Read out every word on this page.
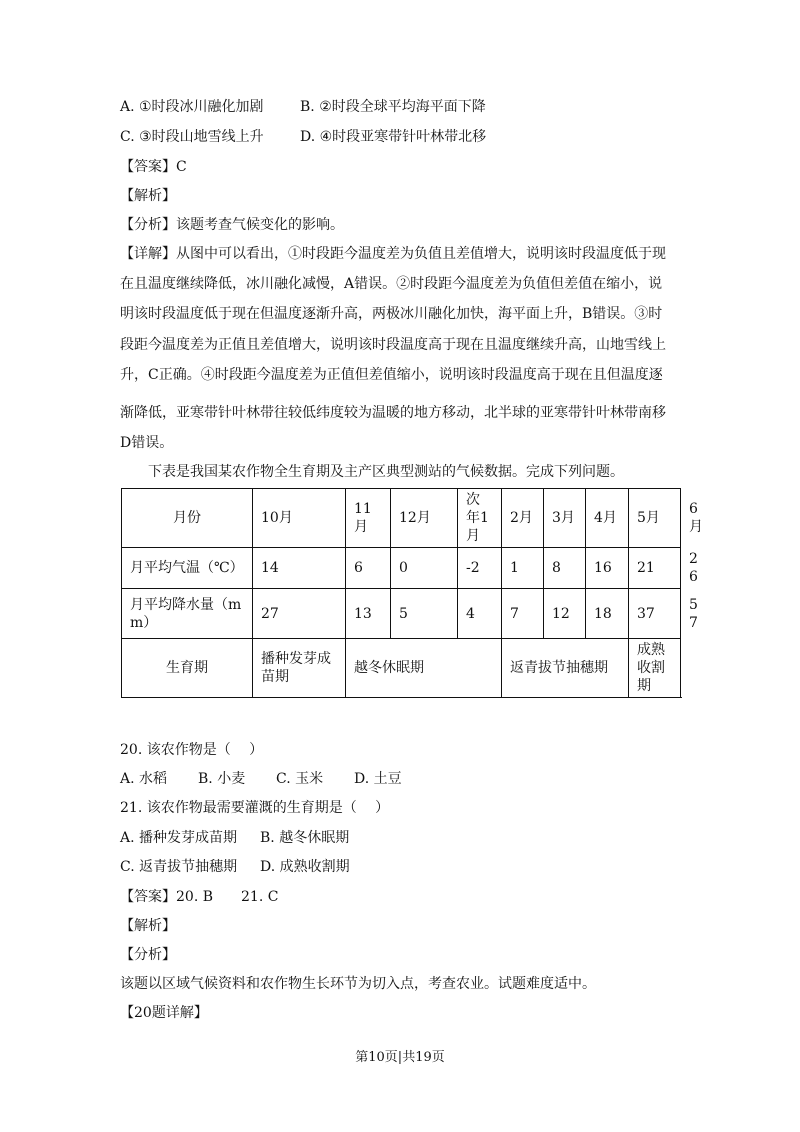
A. ①时段冰川融化加剧	B. ②时段全球平均海平面下降
C. ③时段山地雪线上升	D. ④时段亚寒带针叶林带北移
【答案】C
【解析】
【分析】该题考查气候变化的影响。
【详解】从图中可以看出，①时段距今温度差为负值且差值增大，说明该时段温度低于现
在且温度继续降低，冰川融化减慢，A错误。②时段距今温度差为负值但差值在缩小，说
明该时段温度低于现在但温度逐渐升高，两极冰川融化加快，海平面上升，B错误。③时
段距今温度差为正值且差值增大，说明该时段温度高于现在且温度继续升高，山地雪线上
升，C正确。④时段距今温度差为正值但差值缩小，说明该时段温度高于现在且但温度逐
渐降低，亚寒带针叶林带往较低纬度较为温暖的地方移动，北半球的亚寒带针叶林带南移
D错误。
下表是我国某农作物全生育期及主产区典型测站的气候数据。完成下列问题。
月份	10月	11月	12月	次年1月	2月	3月	4月	5月	6月
月平均气温（℃）	14	6	0	-2	1	8	16	21	26
月平均降水量（mm）	27	13	5	4	7	12	18	37	57
生育期	播种发芽成苗期	越冬休眠期			返青拔节抽穗期			成熟收割期	
20. 该农作物是（　 ）
A. 水稻 B. 小麦 C. 玉米 D. 土豆
21. 该农作物最需要灌溉的生育期是（　 ）
A. 播种发芽成苗期 B. 越冬休眠期
C. 返青拔节抽穗期 D. 成熟收割期
【答案】20. B　　21. C
【解析】
【分析】
该题以区域气候资料和农作物生长环节为切入点，考查农业。试题难度适中。
【20题详解】
第10页|共19页
